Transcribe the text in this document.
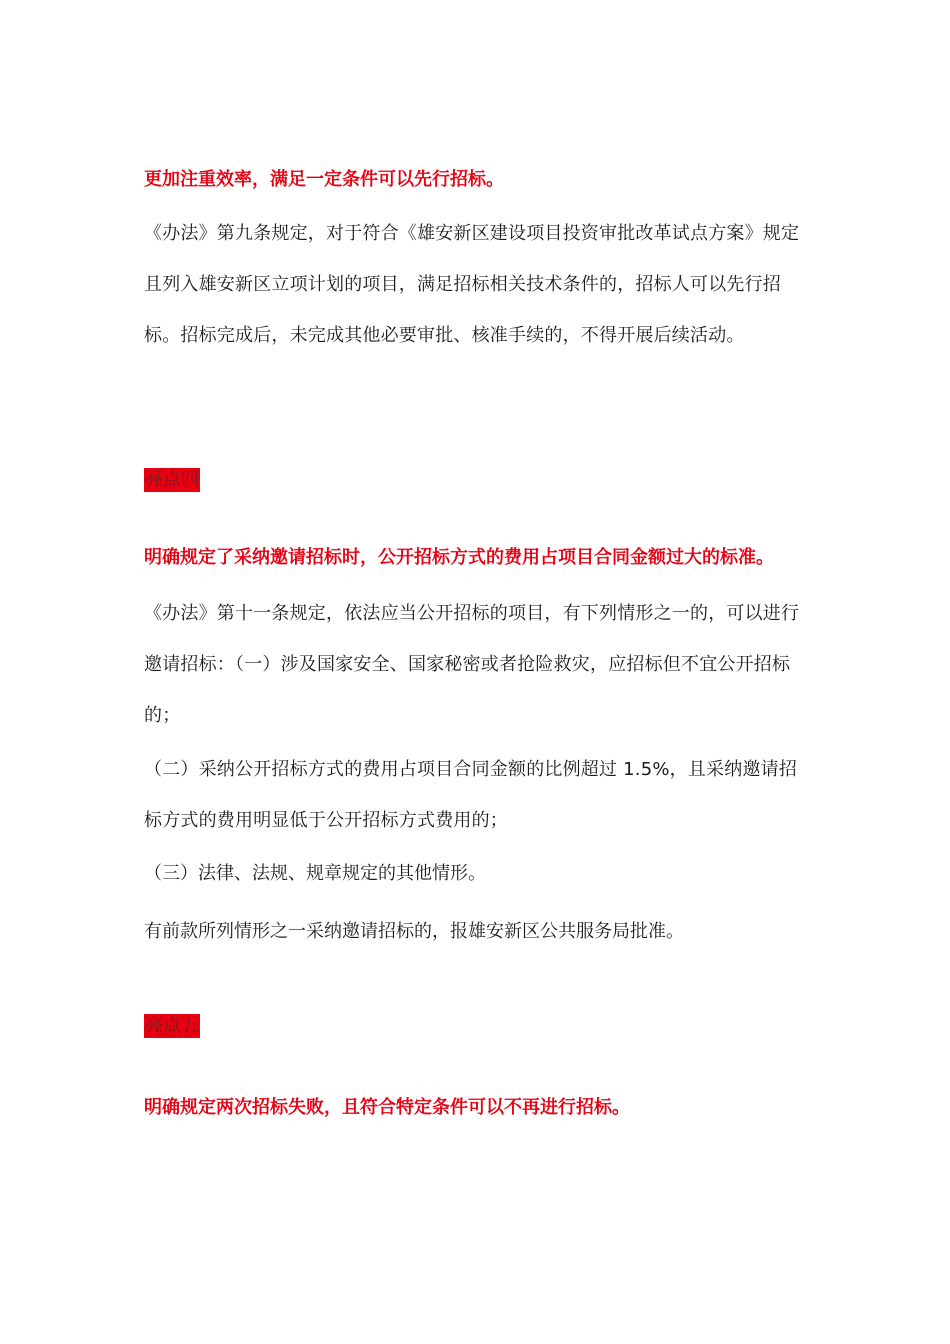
更加注重效率，满足一定条件可以先行招标。

《办法》第九条规定，对于符合《雄安新区建设项目投资审批改革试点方案》规定且列入雄安新区立项计划的项目，满足招标相关技术条件的，招标人可以先行招标。招标完成后，未完成其他必要审批、核准手续的，不得开展后续活动。

亮点四
明确规定了采纳邀请招标时，公开招标方式的费用占项目合同金额过大的标准。

《办法》第十一条规定，依法应当公开招标的项目，有下列情形之一的，可以进行邀请招标：（一）涉及国家安全、国家秘密或者抢险救灾，应招标但不宜公开招标的；

（二）采纳公开招标方式的费用占项目合同金额的比例超过 1.5%，且采纳邀请招标方式的费用明显低于公开招标方式费用的；

（三）法律、法规、规章规定的其他情形。
有前款所列情形之一采纳邀请招标的，报雄安新区公共服务局批准。
亮点五
明确规定两次招标失败，且符合特定条件可以不再进行招标。
